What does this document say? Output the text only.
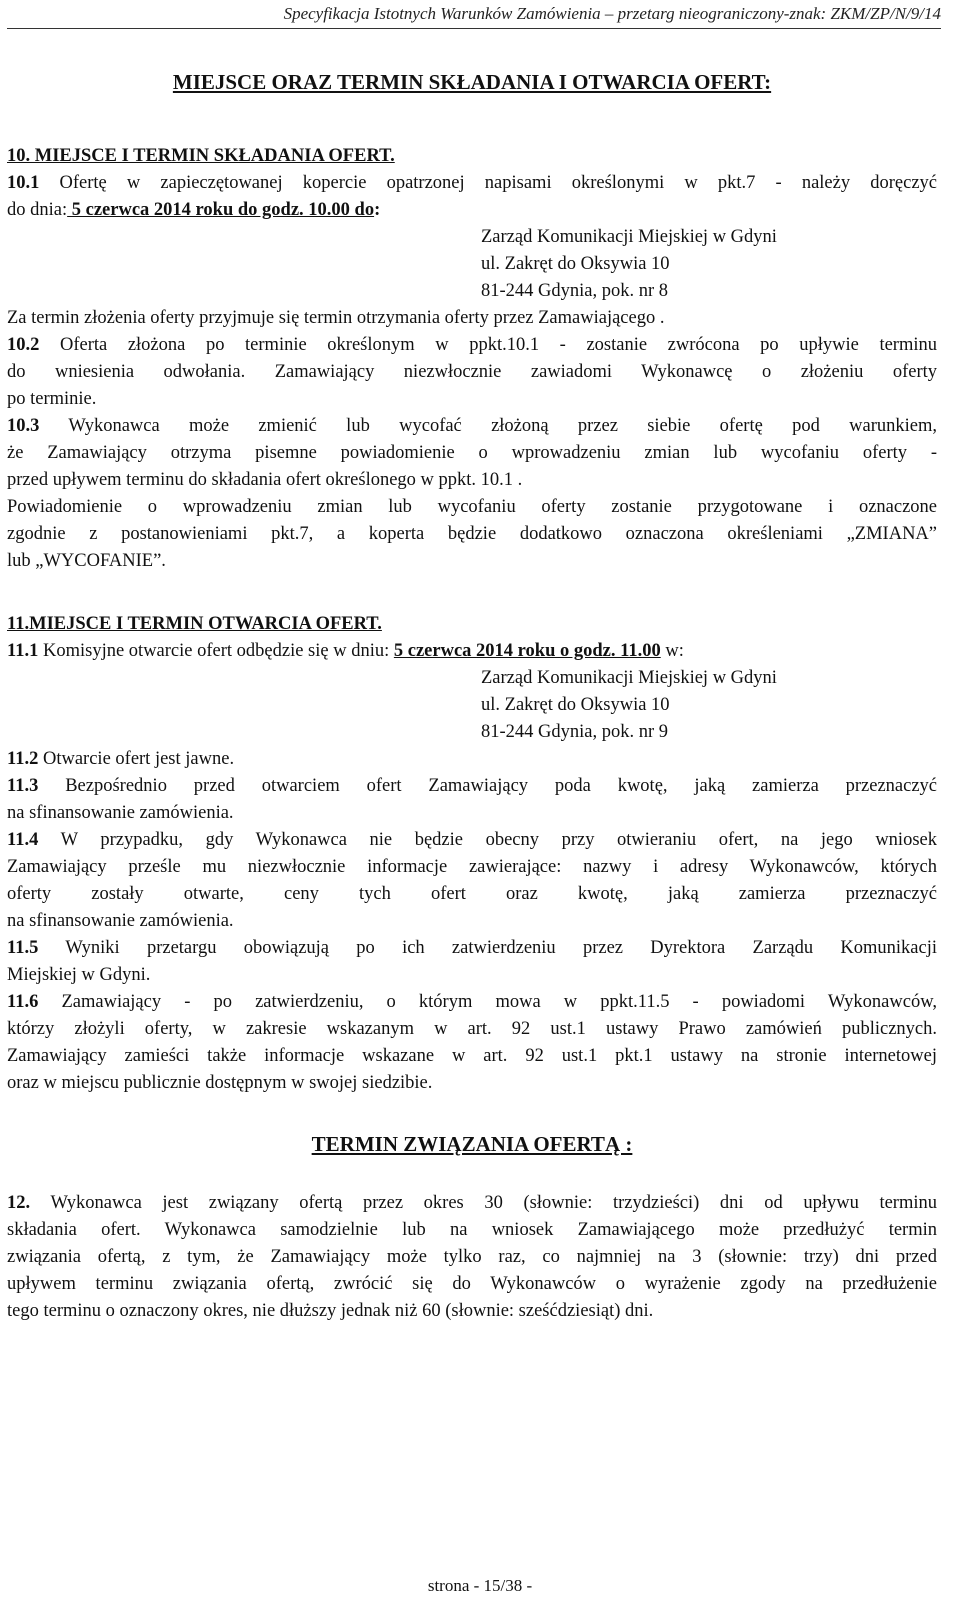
Specyfikacja Istotnych Warunków Zamówienia – przetarg nieograniczony-znak: ZKM/ZP/N/9/14
MIEJSCE ORAZ TERMIN SKŁADANIA I OTWARCIA OFERT:
10. MIEJSCE I TERMIN SKŁADANIA OFERT.
10.1 Ofertę w zapieczętowanej kopercie opatrzonej napisami określonymi w pkt.7 - należy doręczyć
do dnia: 5 czerwca 2014 roku do godz. 10.00 do:
Zarząd Komunikacji Miejskiej w Gdyni
ul. Zakręt do Oksywia 10
81-244 Gdynia, pok. nr 8
Za termin złożenia oferty przyjmuje się termin otrzymania oferty przez Zamawiającego .
10.2 Oferta złożona po terminie określonym w ppkt.10.1 - zostanie zwrócona po upływie terminu
do wniesienia odwołania. Zamawiający niezwłocznie zawiadomi Wykonawcę o złożeniu oferty
po terminie.
10.3 Wykonawca może zmienić lub wycofać złożoną przez siebie ofertę pod warunkiem,
że Zamawiający otrzyma pisemne powiadomienie o wprowadzeniu zmian lub wycofaniu oferty -
przed upływem terminu do składania ofert określonego w ppkt. 10.1 .
Powiadomienie o wprowadzeniu zmian lub wycofaniu oferty zostanie przygotowane i oznaczone
zgodnie z postanowieniami pkt.7, a koperta będzie dodatkowo oznaczona określeniami „ZMIANA”
lub „WYCOFANIE”.
11.MIEJSCE I TERMIN OTWARCIA OFERT.
11.1 Komisyjne otwarcie ofert odbędzie się w dniu: 5 czerwca 2014 roku o godz. 11.00 w:
Zarząd Komunikacji Miejskiej w Gdyni
ul. Zakręt do Oksywia 10
81-244 Gdynia, pok. nr 9
11.2 Otwarcie ofert jest jawne.
11.3 Bezpośrednio przed otwarciem ofert Zamawiający poda kwotę, jaką zamierza przeznaczyć
na sfinansowanie zamówienia.
11.4 W przypadku, gdy Wykonawca nie będzie obecny przy otwieraniu ofert, na jego wniosek
Zamawiający prześle mu niezwłocznie informacje zawierające: nazwy i adresy Wykonawców, których
oferty zostały otwarte, ceny tych ofert oraz kwotę, jaką zamierza przeznaczyć
na sfinansowanie zamówienia.
11.5 Wyniki przetargu obowiązują po ich zatwierdzeniu przez Dyrektora Zarządu Komunikacji
Miejskiej w Gdyni.
11.6 Zamawiający - po zatwierdzeniu, o którym mowa w ppkt.11.5 - powiadomi Wykonawców,
którzy złożyli oferty, w zakresie wskazanym w art. 92 ust.1 ustawy Prawo zamówień publicznych.
Zamawiający zamieści także informacje wskazane w art. 92 ust.1 pkt.1 ustawy na stronie internetowej
oraz w miejscu publicznie dostępnym w swojej siedzibie.
TERMIN ZWIĄZANIA OFERTĄ :
12. Wykonawca jest związany ofertą przez okres 30 (słownie: trzydzieści) dni od upływu terminu
składania ofert. Wykonawca samodzielnie lub na wniosek Zamawiającego może przedłużyć termin
związania ofertą, z tym, że Zamawiający może tylko raz, co najmniej na 3 (słownie: trzy) dni przed
upływem terminu związania ofertą, zwrócić się do Wykonawców o wyrażenie zgody na przedłużenie
tego terminu o oznaczony okres, nie dłuższy jednak niż 60 (słownie: sześćdziesiąt) dni.
strona - 15/38 -
